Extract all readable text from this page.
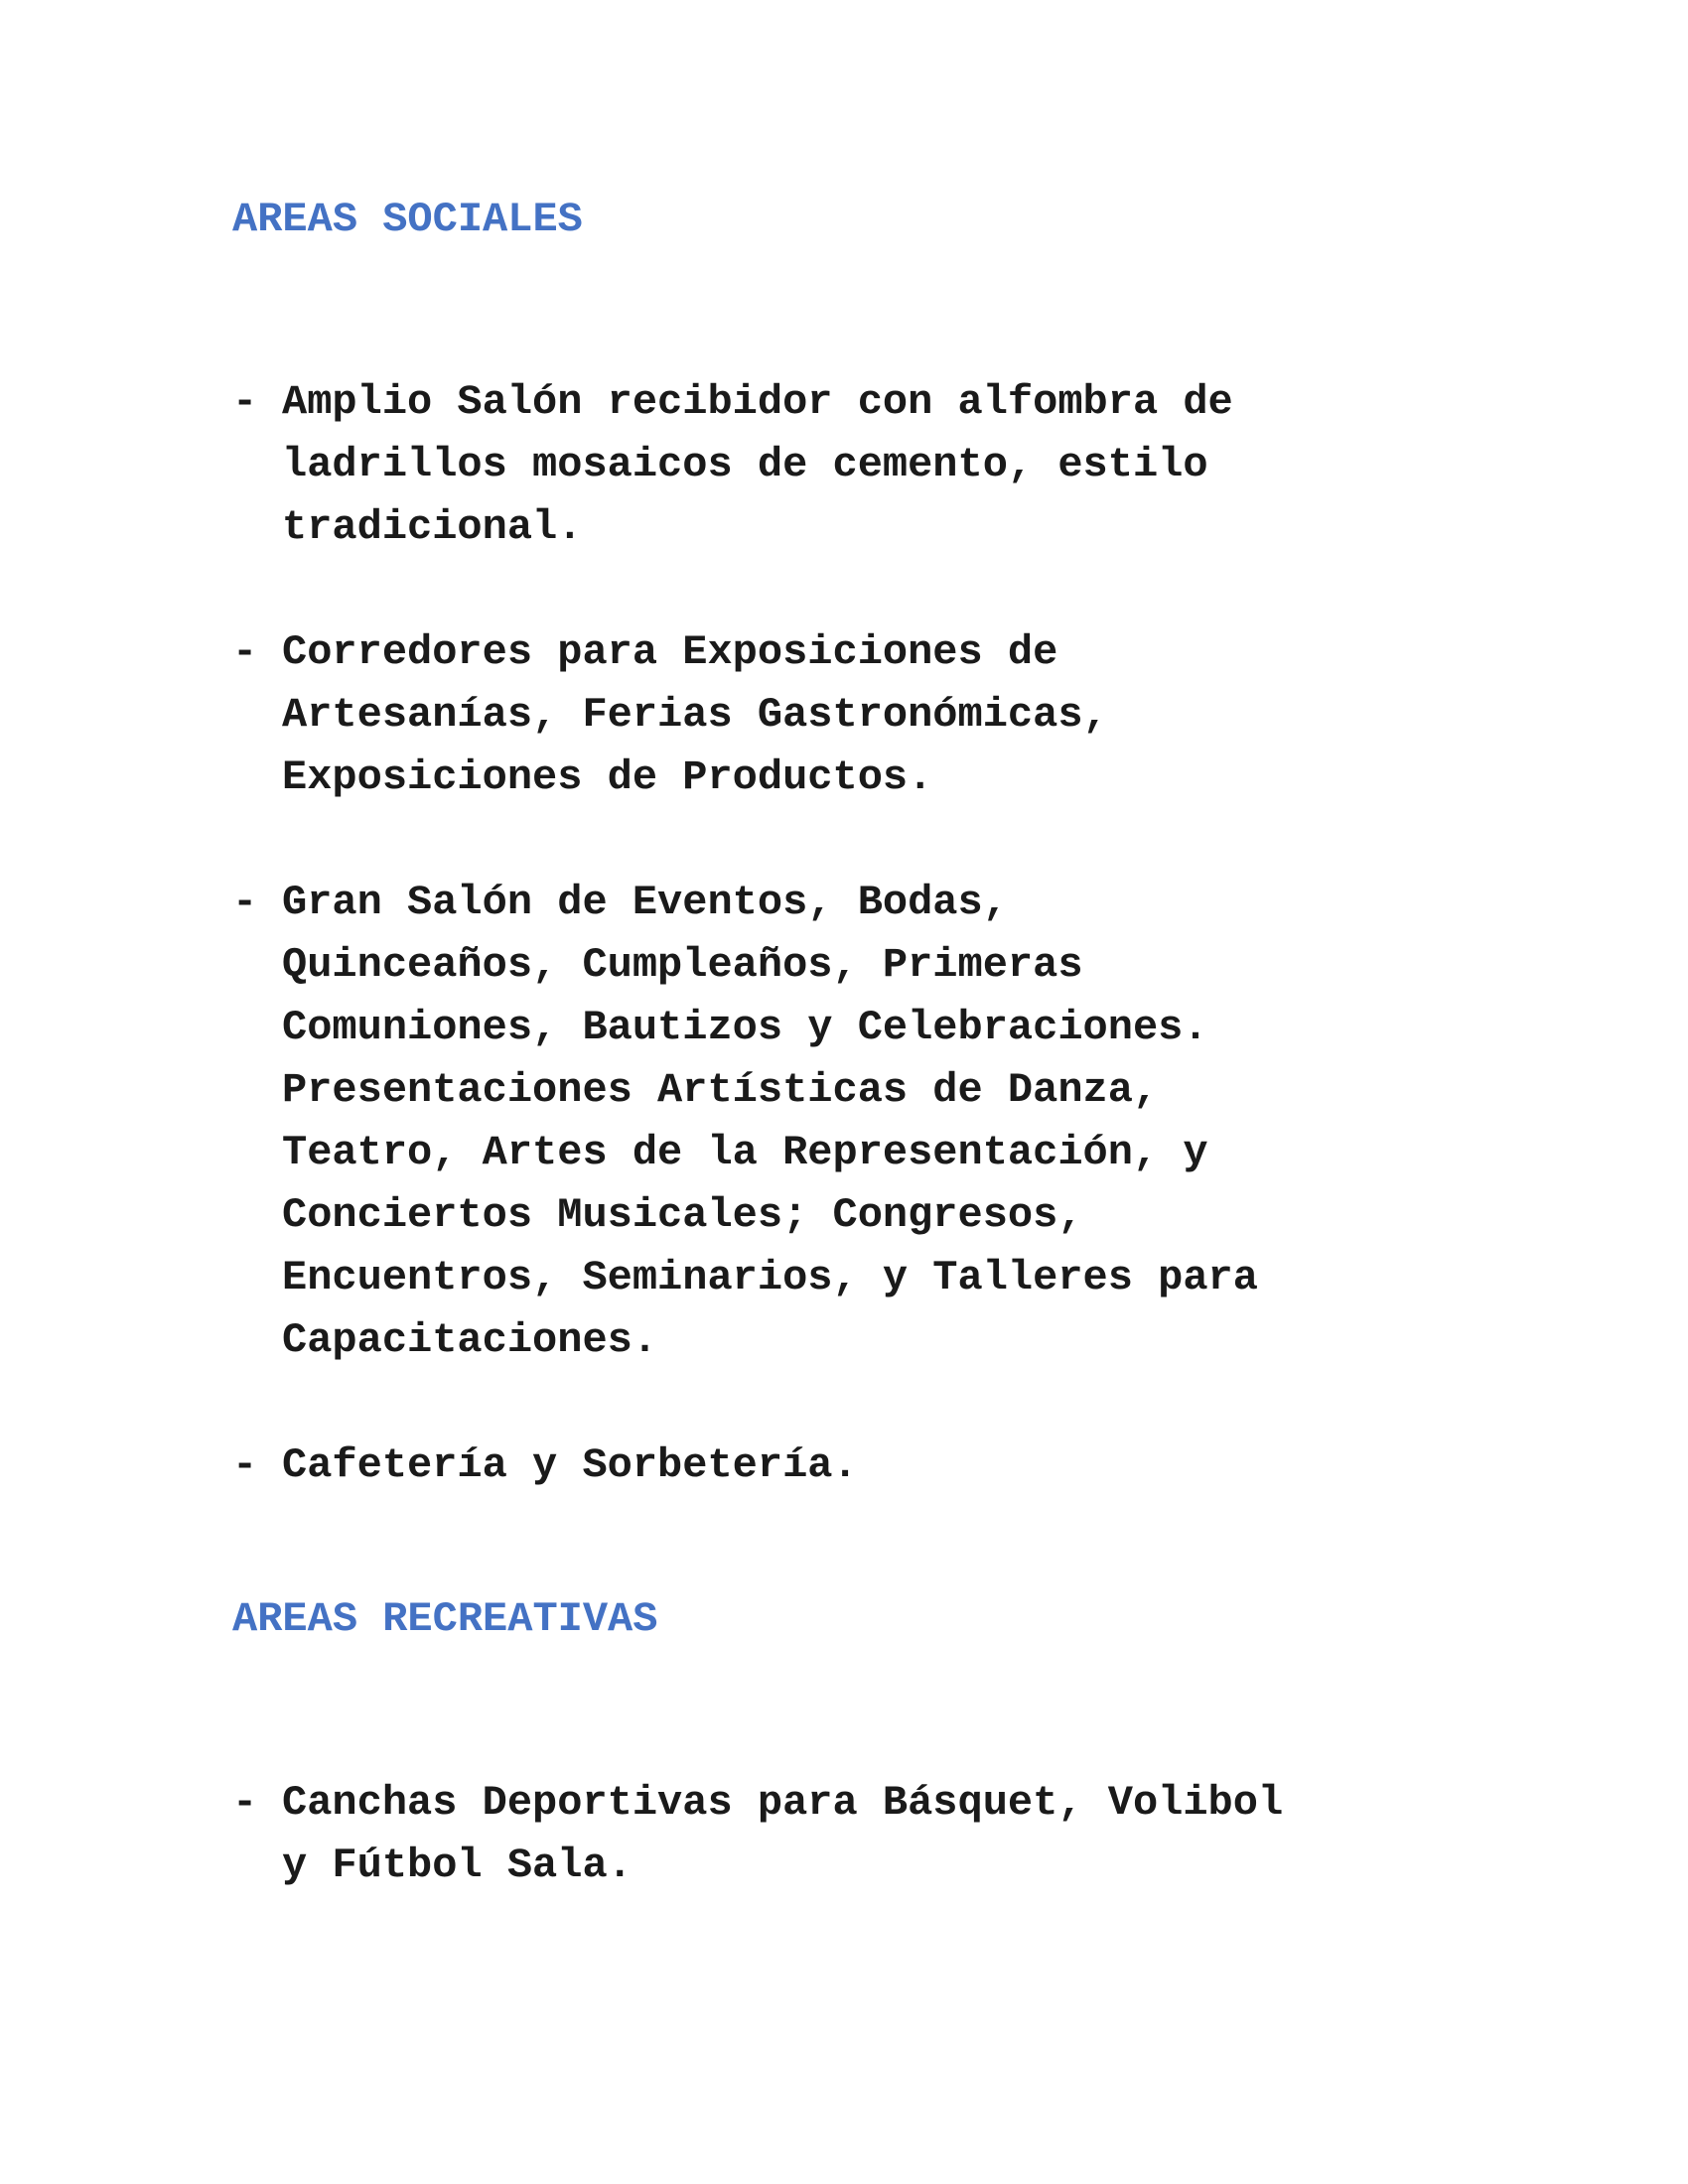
AREAS SOCIALES
- Amplio Salón recibidor con alfombra de
ladrillos mosaicos de cemento, estilo
tradicional.
- Corredores para Exposiciones de
Artesanías, Ferias Gastronómicas,
Exposiciones de Productos.
- Gran Salón de Eventos, Bodas,
Quinceaños, Cumpleaños, Primeras
Comuniones, Bautizos y Celebraciones.
Presentaciones Artísticas de Danza,
Teatro, Artes de la Representación, y
Conciertos Musicales; Congresos,
Encuentros, Seminarios, y Talleres para
Capacitaciones.
- Cafetería y Sorbetería.
AREAS RECREATIVAS
- Canchas Deportivas para Básquet, Volibol
y Fútbol Sala.
